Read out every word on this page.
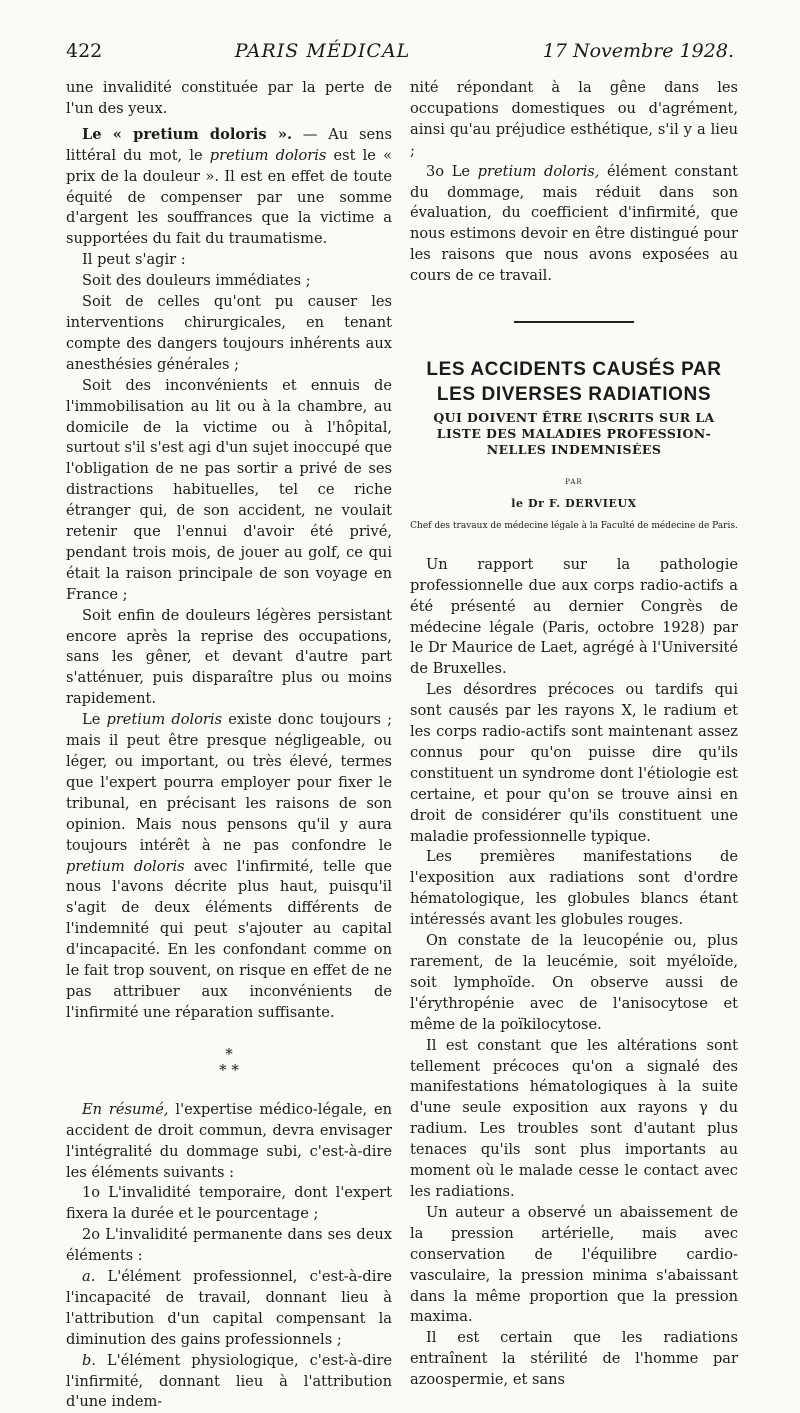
422	PARIS MÉDICAL	17 Novembre 1928.

une invalidité constituée par la perte de l'un des yeux.

Le « pretium doloris ». — Au sens littéral du mot, le pretium doloris est le « prix de la douleur ». Il est en effet de toute équité de compenser par une somme d'argent les souffrances que la victime a supportées du fait du traumatisme.

Il peut s'agir :

Soit des douleurs immédiates ;

Soit de celles qu'ont pu causer les interventions chirurgicales, en tenant compte des dangers toujours inhérents aux anesthésies générales ;

Soit des inconvénients et ennuis de l'immobilisation au lit ou à la chambre, au domicile de la victime ou à l'hôpital, surtout s'il s'est agi d'un sujet inoccupé que l'obligation de ne pas sortir a privé de ses distractions habituelles, tel ce riche étranger qui, de son accident, ne voulait retenir que l'ennui d'avoir été privé, pendant trois mois, de jouer au golf, ce qui était la raison principale de son voyage en France ;

Soit enfin de douleurs légères persistant encore après la reprise des occupations, sans les gêner, et devant d'autre part s'atténuer, puis disparaître plus ou moins rapidement.

Le pretium doloris existe donc toujours ; mais il peut être presque négligeable, ou léger, ou important, ou très élevé, termes que l'expert pourra employer pour fixer le tribunal, en précisant les raisons de son opinion. Mais nous pensons qu'il y aura toujours intérêt à ne pas confondre le pretium doloris avec l'infirmité, telle que nous l'avons décrite plus haut, puisqu'il s'agit de deux éléments différents de l'indemnité qui peut s'ajouter au capital d'incapacité. En les confondant comme on le fait trop souvent, on risque en effet de ne pas attribuer aux inconvénients de l'infirmité une réparation suffisante.

*
* *

En résumé, l'expertise médico-légale, en accident de droit commun, devra envisager l'intégralité du dommage subi, c'est-à-dire les éléments suivants :

1o L'invalidité temporaire, dont l'expert fixera la durée et le pourcentage ;

2o L'invalidité permanente dans ses deux éléments :

a. L'élément professionnel, c'est-à-dire l'incapacité de travail, donnant lieu à l'attribution d'un capital compensant la diminution des gains professionnels ;

b. L'élément physiologique, c'est-à-dire l'infirmité, donnant lieu à l'attribution d'une indem-

nité répondant à la gêne dans les occupations domestiques ou d'agrément, ainsi qu'au préjudice esthétique, s'il y a lieu ;

3o Le pretium doloris, élément constant du dommage, mais réduit dans son évaluation, du coefficient d'infirmité, que nous estimons devoir en être distingué pour les raisons que nous avons exposées au cours de ce travail.

LES ACCIDENTS CAUSÉS PAR
LES DIVERSES RADIATIONS
QUI DOIVENT ÊTRE I\SCRITS SUR LA
LISTE DES MALADIES PROFESSION-
NELLES INDEMNISÉES
PAR
le Dr F. DERVIEUX
Chef des travaux de médecine légale à la Faculté de médecine de Paris.

Un rapport sur la pathologie professionnelle due aux corps radio-actifs a été présenté au dernier Congrès de médecine légale (Paris, octobre 1928) par le Dr Maurice de Laet, agrégé à l'Université de Bruxelles.

Les désordres précoces ou tardifs qui sont causés par les rayons X, le radium et les corps radio-actifs sont maintenant assez connus pour qu'on puisse dire qu'ils constituent un syndrome dont l'étiologie est certaine, et pour qu'on se trouve ainsi en droit de considérer qu'ils constituent une maladie professionnelle typique.

Les premières manifestations de l'exposition aux radiations sont d'ordre hématologique, les globules blancs étant intéressés avant les globules rouges.

On constate de la leucopénie ou, plus rarement, de la leucémie, soit myéloïde, soit lymphoïde. On observe aussi de l'érythropénie avec de l'anisocytose et même de la poïkilocytose.

Il est constant que les altérations sont tellement précoces qu'on a signalé des manifestations hématologiques à la suite d'une seule exposition aux rayons γ du radium. Les troubles sont d'autant plus tenaces qu'ils sont plus importants au moment où le malade cesse le contact avec les radiations.

Un auteur a observé un abaissement de la pression artérielle, mais avec conservation de l'équilibre cardio-vasculaire, la pression minima s'abaissant dans la même proportion que la pression maxima.

Il est certain que les radiations entraînent la stérilité de l'homme par azoospermie, et sans
